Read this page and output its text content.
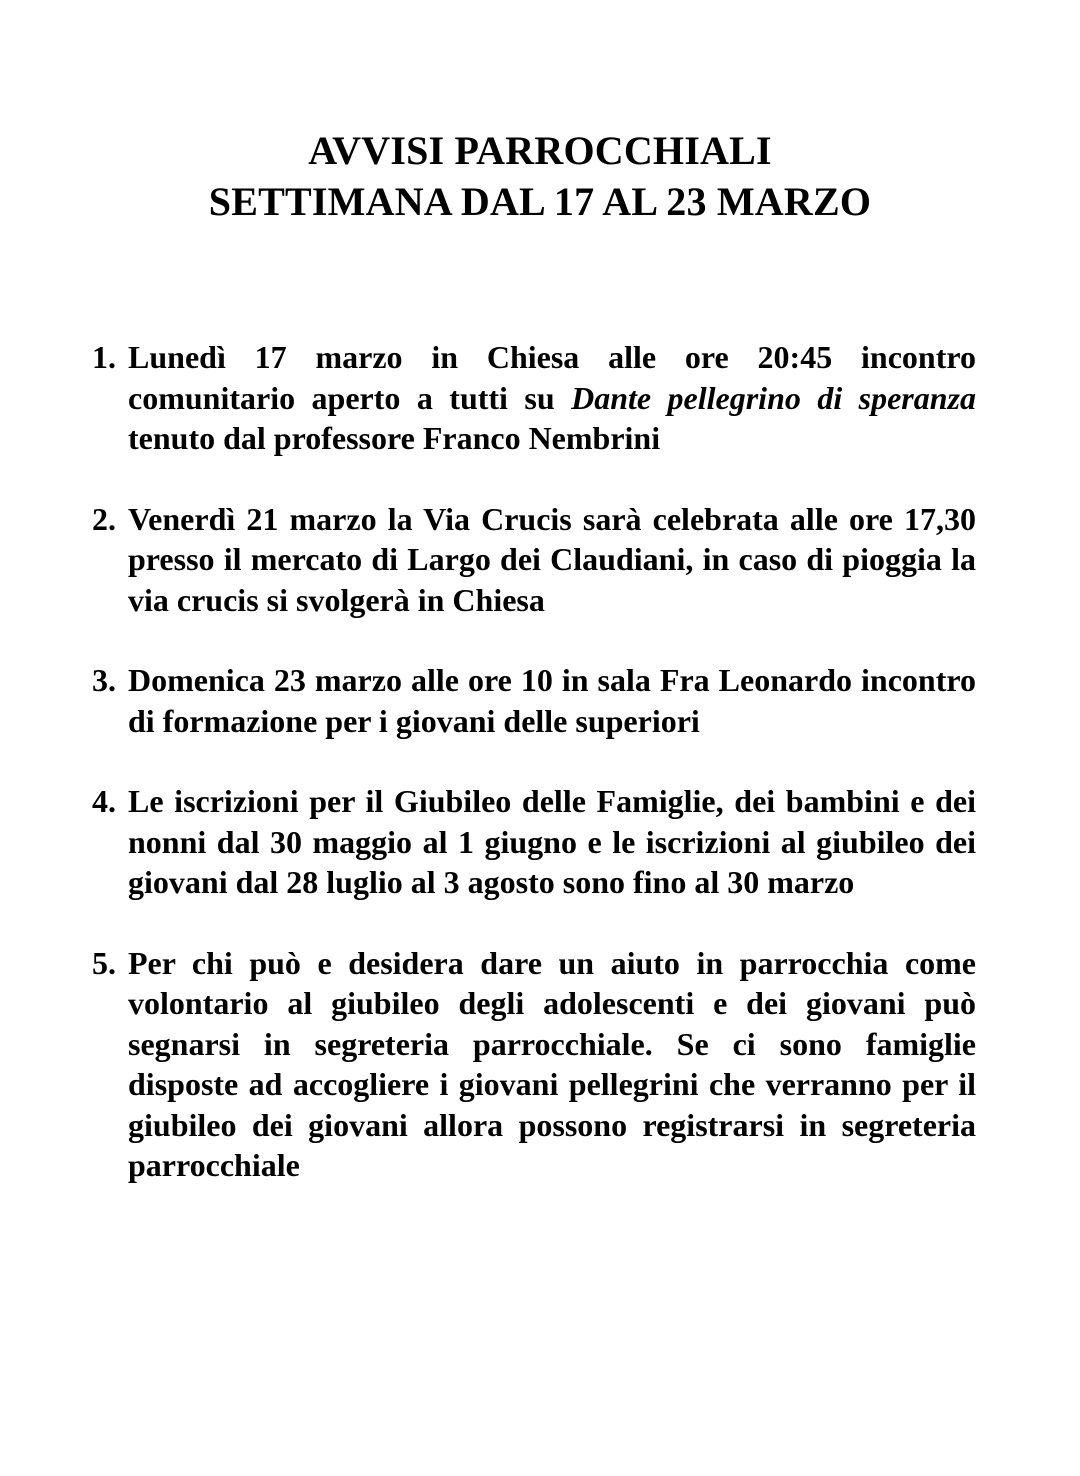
AVVISI PARROCCHIALI
SETTIMANA DAL 17 AL 23 MARZO
1. Lunedì 17 marzo in Chiesa alle ore 20:45 incontro comunitario aperto a tutti su Dante pellegrino di speranza tenuto dal professore Franco Nembrini
2. Venerdì 21 marzo la Via Crucis sarà celebrata alle ore 17,30 presso il mercato di Largo dei Claudiani, in caso di pioggia la via crucis si svolgerà in Chiesa
3. Domenica 23 marzo alle ore 10 in sala Fra Leonardo incontro di formazione per i giovani delle superiori
4. Le iscrizioni per il Giubileo delle Famiglie, dei bambini e dei nonni dal 30 maggio al 1 giugno e le iscrizioni al giubileo dei giovani dal 28 luglio al 3 agosto sono fino al 30 marzo
5. Per chi può e desidera dare un aiuto in parrocchia come volontario al giubileo degli adolescenti e dei giovani può segnarsi in segreteria parrocchiale. Se ci sono famiglie disposte ad accogliere i giovani pellegrini che verranno per il giubileo dei giovani allora possono registrarsi in segreteria parrocchiale
